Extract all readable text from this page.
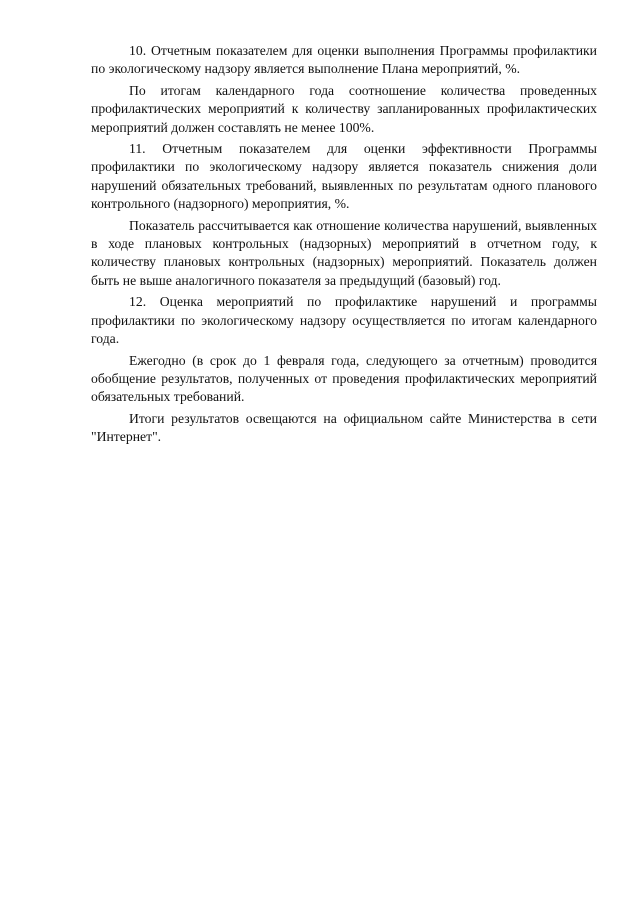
10. Отчетным показателем для оценки выполнения Программы профилактики по экологическому надзору является выполнение Плана мероприятий, %.

По итогам календарного года соотношение количества проведенных профилактических мероприятий к количеству запланированных профилактических мероприятий должен составлять не менее 100%.

11. Отчетным показателем для оценки эффективности Программы профилактики по экологическому надзору является показатель снижения доли нарушений обязательных требований, выявленных по результатам одного планового контрольного (надзорного) мероприятия, %.

Показатель рассчитывается как отношение количества нарушений, выявленных в ходе плановых контрольных (надзорных) мероприятий в отчетном году, к количеству плановых контрольных (надзорных) мероприятий. Показатель должен быть не выше аналогичного показателя за предыдущий (базовый) год.

12. Оценка мероприятий по профилактике нарушений и программы профилактики по экологическому надзору осуществляется по итогам календарного года.

Ежегодно (в срок до 1 февраля года, следующего за отчетным) проводится обобщение результатов, полученных от проведения профилактических мероприятий обязательных требований.

Итоги результатов освещаются на официальном сайте Министерства в сети "Интернет".
